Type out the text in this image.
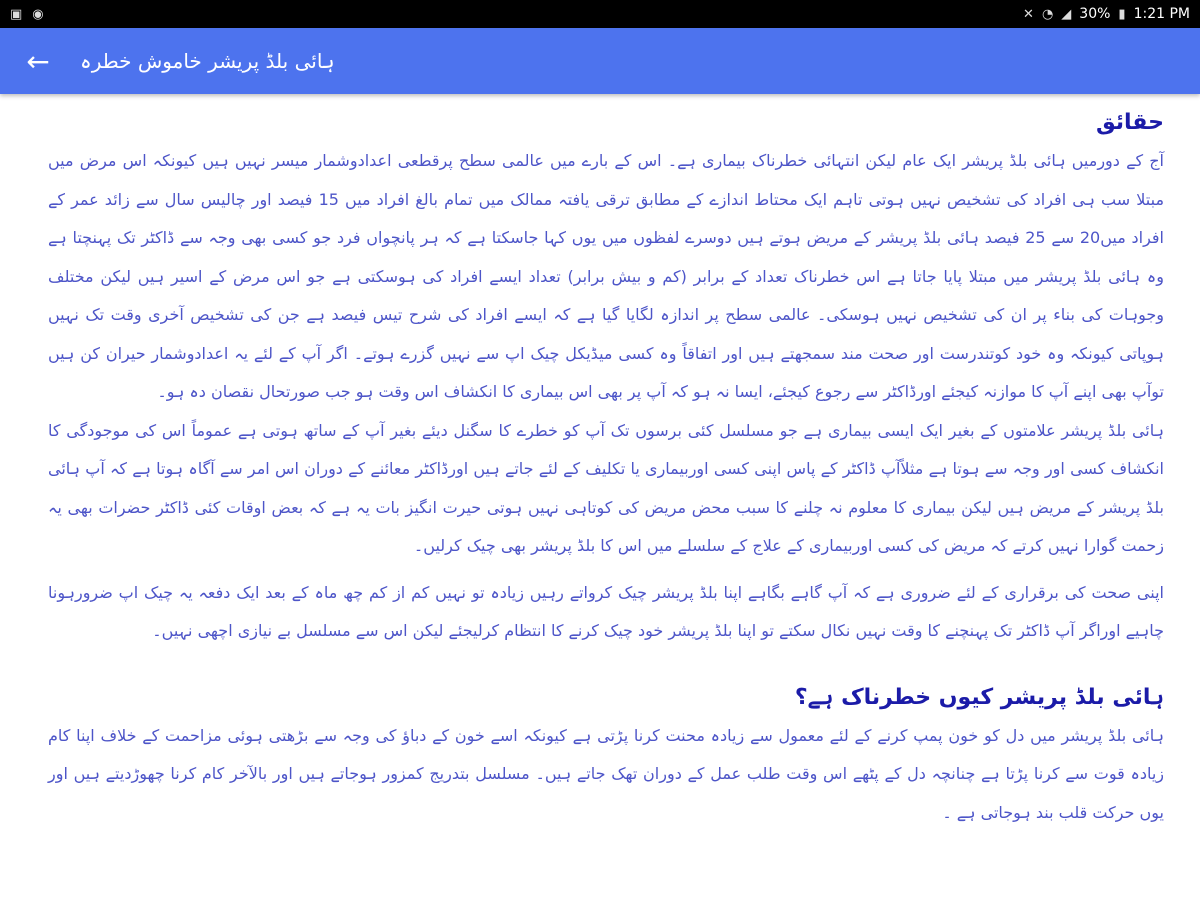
▣ ◉	✕ ◔ ◢ 30% ▮ 1:21 PM
← ہائی بلڈ پریشر خاموش خطرہ
حقائق

آج کے دورمیں ہائی بلڈ پریشر ایک عام لیکن انتہائی خطرناک بیماری ہے۔ اس کے بارے میں عالمی سطح پرقطعی اعدادوشمار میسر نہیں ہیں کیونکہ اس مرض میں مبتلا سب ہی افراد کی تشخیص نہیں ہوتی تاہم ایک محتاط اندازے کے مطابق ترقی یافتہ ممالک میں تمام بالغ افراد میں 15 فیصد اور چالیس سال سے زائد عمر کے افراد میں20 سے 25 فیصد ہائی بلڈ پریشر کے مریض ہوتے ہیں دوسرے لفظوں میں یوں کہا جاسکتا ہے کہ ہر پانچواں فرد جو کسی بھی وجہ سے ڈاکٹر تک پہنچتا ہے وہ ہائی بلڈ پریشر میں مبتلا پایا جاتا ہے اس خطرناک تعداد کے برابر (کم و بیش برابر) تعداد ایسے افراد کی ہوسکتی ہے جو اس مرض کے اسیر ہیں لیکن مختلف وجوہات کی بناء پر ان کی تشخیص نہیں ہوسکی۔ عالمی سطح پر اندازہ لگایا گیا ہے کہ ایسے افراد کی شرح تیس فیصد ہے جن کی تشخیص آخری وقت تک نہیں ہوپاتی کیونکہ وہ خود کوتندرست اور صحت مند سمجھتے ہیں اور اتفاقاً وہ کسی میڈیکل چیک اپ سے نہیں گزرے ہوتے۔ اگر آپ کے لئے یہ اعدادوشمار حیران کن ہیں توآپ بھی اپنے آپ کا موازنہ کیجئے اورڈاکٹر سے رجوع کیجئے، ایسا نہ ہو کہ آپ پر بھی اس بیماری کا انکشاف اس وقت ہو جب صورتحال نقصان دہ ہو۔

ہائی بلڈ پریشر علامتوں کے بغیر ایک ایسی بیماری ہے جو مسلسل کئی برسوں تک آپ کو خطرے کا سگنل دیئے بغیر آپ کے ساتھ ہوتی ہے عموماً اس کی موجودگی کا انکشاف کسی اور وجہ سے ہوتا ہے مثلاًآپ ڈاکٹر کے پاس اپنی کسی اوربیماری یا تکلیف کے لئے جاتے ہیں اورڈاکٹر معائنے کے دوران اس امر سے آگاہ ہوتا ہے کہ آپ ہائی بلڈ پریشر کے مریض ہیں لیکن بیماری کا معلوم نہ چلنے کا سبب محض مریض کی کوتاہی نہیں ہوتی حیرت انگیز بات یہ ہے کہ بعض اوقات کئی ڈاکٹر حضرات بھی یہ زحمت گوارا نہیں کرتے کہ مریض کی کسی اوربیماری کے علاج کے سلسلے میں اس کا بلڈ پریشر بھی چیک کرلیں۔

اپنی صحت کی برقراری کے لئے ضروری ہے کہ آپ گاہے بگاہے اپنا بلڈ پریشر چیک کرواتے رہیں زیادہ تو نہیں کم از کم چھ ماہ کے بعد ایک دفعہ یہ چیک اپ ضرورہونا چاہیے اوراگر آپ ڈاکٹر تک پہنچنے کا وقت نہیں نکال سکتے تو اپنا بلڈ پریشر خود چیک کرنے کا انتظام کرلیجئے لیکن اس سے مسلسل بے نیازی اچھی نہیں۔

ہائی بلڈ پریشر کیوں خطرناک ہے؟

ہائی بلڈ پریشر میں دل کو خون پمپ کرنے کے لئے معمول سے زیادہ محنت کرنا پڑتی ہے کیونکہ اسے خون کے دباؤ کی وجہ سے بڑھتی ہوئی مزاحمت کے خلاف اپنا کام زیادہ قوت سے کرنا پڑتا ہے چنانچہ دل کے پٹھے اس وقت طلب عمل کے دوران تھک جاتے ہیں۔ مسلسل بتدریج کمزور ہوجاتے ہیں اور بالآخر کام کرنا چھوڑدیتے ہیں اور یوں حرکت قلب بند ہوجاتی ہے ۔
